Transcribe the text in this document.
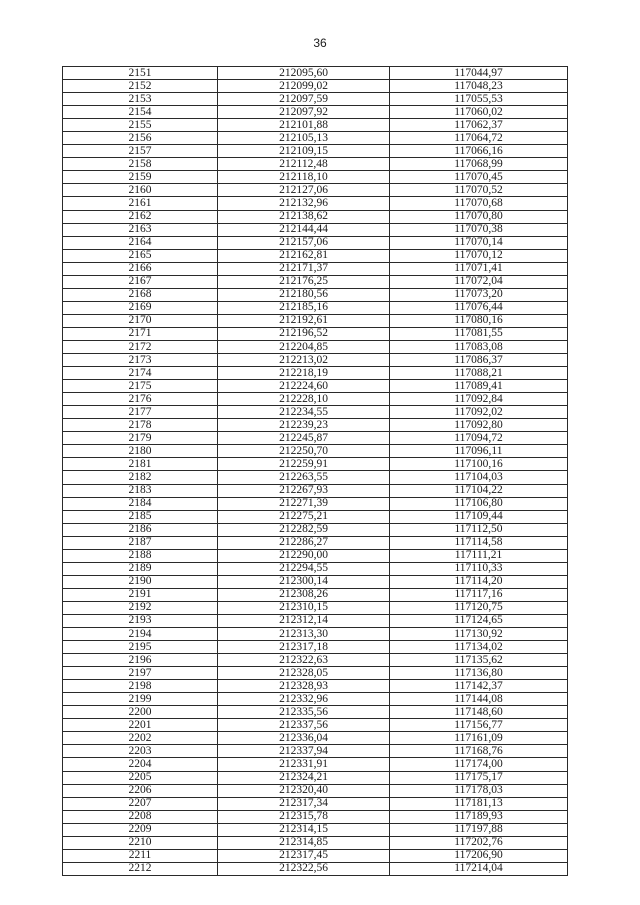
36
2151	212095,60	117044,97
2152	212099,02	117048,23
2153	212097,59	117055,53
2154	212097,92	117060,02
2155	212101,88	117062,37
2156	212105,13	117064,72
2157	212109,15	117066,16
2158	212112,48	117068,99
2159	212118,10	117070,45
2160	212127,06	117070,52
2161	212132,96	117070,68
2162	212138,62	117070,80
2163	212144,44	117070,38
2164	212157,06	117070,14
2165	212162,81	117070,12
2166	212171,37	117071,41
2167	212176,25	117072,04
2168	212180,56	117073,20
2169	212185,16	117076,44
2170	212192,61	117080,16
2171	212196,52	117081,55
2172	212204,85	117083,08
2173	212213,02	117086,37
2174	212218,19	117088,21
2175	212224,60	117089,41
2176	212228,10	117092,84
2177	212234,55	117092,02
2178	212239,23	117092,80
2179	212245,87	117094,72
2180	212250,70	117096,11
2181	212259,91	117100,16
2182	212263,55	117104,03
2183	212267,93	117104,22
2184	212271,39	117106,80
2185	212275,21	117109,44
2186	212282,59	117112,50
2187	212286,27	117114,58
2188	212290,00	117111,21
2189	212294,55	117110,33
2190	212300,14	117114,20
2191	212308,26	117117,16
2192	212310,15	117120,75
2193	212312,14	117124,65
2194	212313,30	117130,92
2195	212317,18	117134,02
2196	212322,63	117135,62
2197	212328,05	117136,80
2198	212328,93	117142,37
2199	212332,96	117144,08
2200	212335,56	117148,60
2201	212337,56	117156,77
2202	212336,04	117161,09
2203	212337,94	117168,76
2204	212331,91	117174,00
2205	212324,21	117175,17
2206	212320,40	117178,03
2207	212317,34	117181,13
2208	212315,78	117189,93
2209	212314,15	117197,88
2210	212314,85	117202,76
2211	212317,45	117206,90
2212	212322,56	117214,04
